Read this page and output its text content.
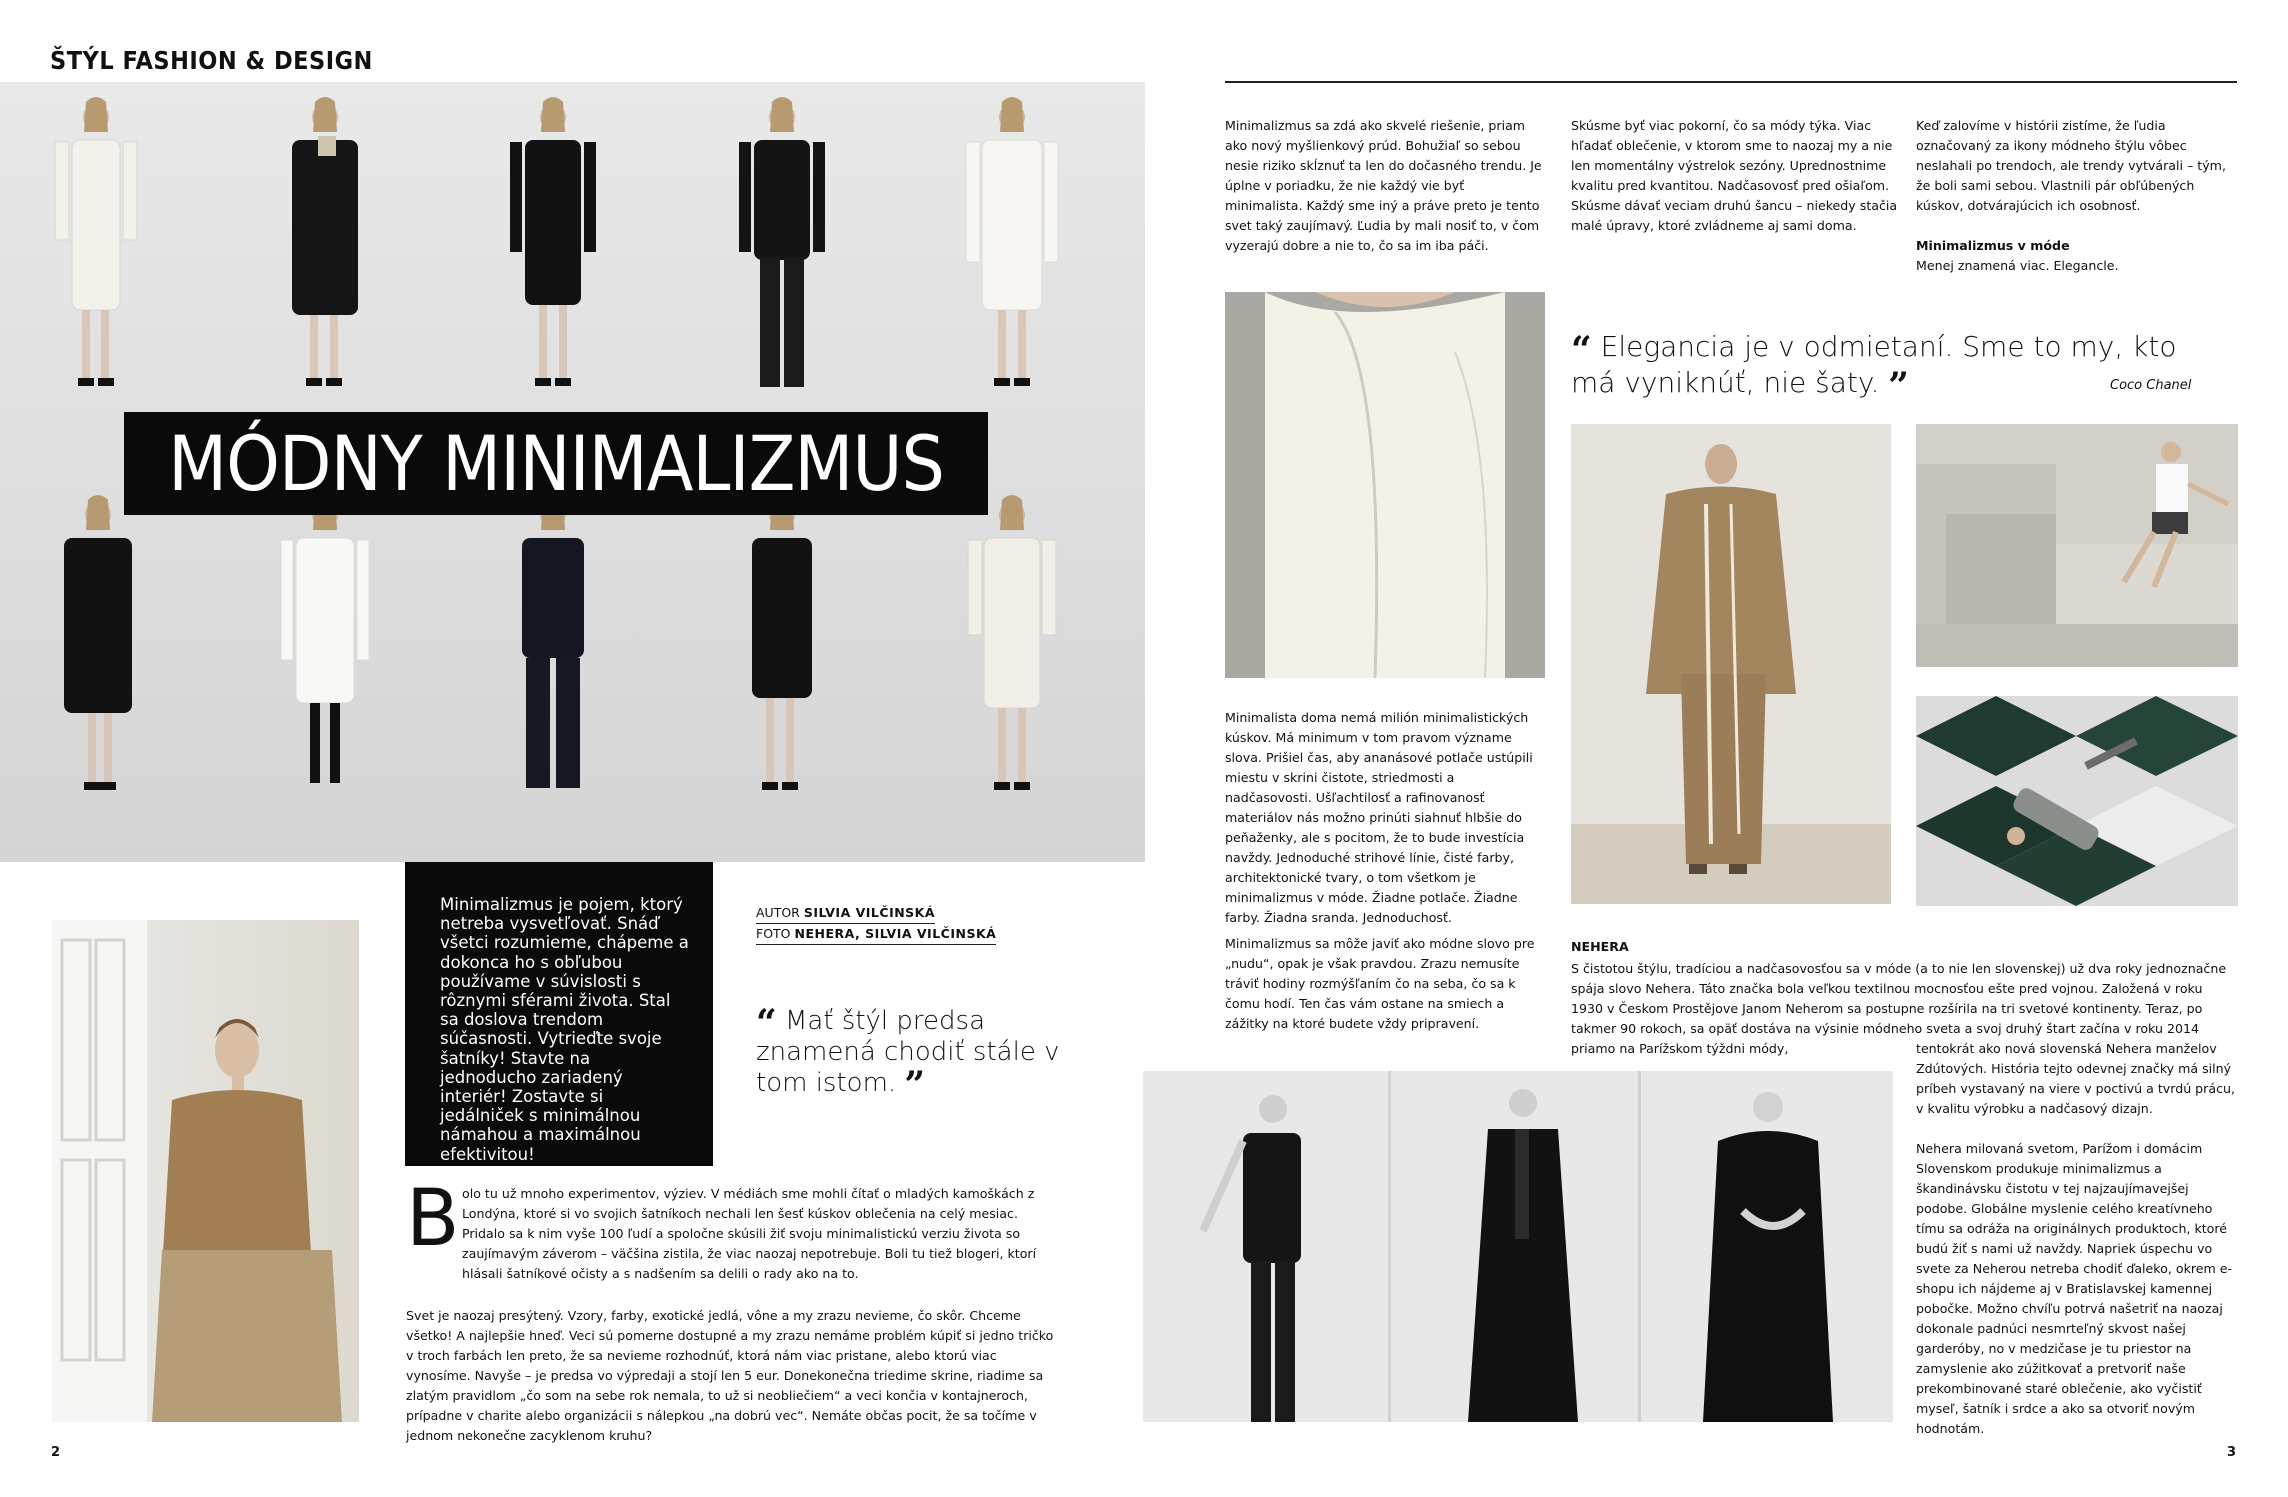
ŠTÝL FASHION & DESIGN
MÓDNY MINIMALIZMUS
Minimalizmus je pojem, ktorý netreba vysvetľovať. Snáď všetci rozumieme, chápeme a dokonca ho s obľubou používame v súvislosti s rôznymi sférami života. Stal sa doslova trendom súčasnosti. Vytrieďte svoje šatníky! Stavte na jednoducho zariadený interiér! Zostavte si jedálniček s minimálnou námahou a maximálnou efektivitou!
AUTOR SILVIA VILČINSKÁ
FOTO NEHERA, SILVIA VILČINSKÁ
“ Mať štýl predsa znamená chodiť stále v tom istom. ”
B olo tu už mnoho experimentov, výziev. V médiách sme mohli čítať o mladých kamoškách z Londýna, ktoré si vo svojich šatníkoch nechali len šesť kúskov oblečenia na celý mesiac. Pridalo sa k nim vyše 100 ľudí a spoločne skúsili žiť svoju minimalistickú verziu života so zaujímavým záverom – väčšina zistila, že viac naozaj nepotrebuje. Boli tu tiež blogeri, ktorí hlásali šatníkové očisty a s nadšením sa delili o rady ako na to.
Svet je naozaj presýtený. Vzory, farby, exotické jedlá, vône a my zrazu nevieme, čo skôr. Chceme všetko! A najlepšie hneď. Veci sú pomerne dostupné a my zrazu nemáme problém kúpiť si jedno tričko v troch farbách len preto, že sa nevieme rozhodnúť, ktorá nám viac pristane, alebo ktorú viac vynosíme. Navyše – je predsa vo výpredaji a stojí len 5 eur. Donekonečna triedime skrine, riadime sa zlatým pravidlom „čo som na sebe rok nemala, to už si neobliečiem“ a veci končia v kontajneroch, prípadne v charite alebo organizácii s nálepkou „na dobrú vec“. Nemáte občas pocit, že sa točíme v jednom nekonečne zacyklenom kruhu?
Minimalizmus sa zdá ako skvelé riešenie, priam ako nový myšlienkový prúd. Bohužiaľ so sebou nesie riziko skĺznuť ta len do dočasného trendu. Je úplne v poriadku, že nie každý vie byť minimalista. Každý sme iný a práve preto je tento svet taký zaujímavý. Ľudia by mali nosiť to, v čom vyzerajú dobre a nie to, čo sa im iba páči.
Skúsme byť viac pokorní, čo sa módy týka. Viac hľadať oblečenie, v ktorom sme to naozaj my a nie len momentálny výstrelok sezóny. Uprednostnime kvalitu pred kvantitou. Nadčasovosť pred ošiaľom. Skúsme dávať veciam druhú šancu – niekedy stačia malé úpravy, ktoré zvládneme aj sami doma.
Keď zalovíme v histórii zistíme, že ľudia označovaný za ikony módneho štýlu vôbec neslahali po trendoch, ale trendy vytvárali – tým, že boli sami sebou. Vlastnili pár obľúbených kúskov, dotvárajúcich ich osobnosť.
Minimalizmus v móde
Menej znamená viac. Elegancle.
“ Elegancia je v odmietaní. Sme to my, kto má vyniknúť, nie šaty. ”	Coco Chanel
Minimalista doma nemá milión minimalistických kúskov. Má minimum v tom pravom význame slova. Prišiel čas, aby ananásové potlače ustúpili miestu v skrini čistote, striedmosti a nadčasovosti. Ušľachtilosť a rafinovanosť materiálov nás možno prinúti siahnuť hlbšie do peňaženky, ale s pocitom, že to bude investícia navždy. Jednoduché strihové línie, čisté farby, architektonické tvary, o tom všetkom je minimalizmus v móde. Žiadne potlače. Žiadne farby. Žiadna sranda. Jednoduchosť.
Minimalizmus sa môže javiť ako módne slovo pre „nudu“, opak je však pravdou. Zrazu nemusíte tráviť hodiny rozmýšľaním čo na seba, čo sa k čomu hodí. Ten čas vám ostane na smiech a zážitky na ktoré budete vždy pripravení.
NEHERA
S čistotou štýlu, tradíciou a nadčasovosťou sa v móde (a to nie len slovenskej) už dva roky jednoznačne spája slovo Nehera. Táto značka bola veľkou textilnou mocnosťou ešte pred vojnou. Založená v roku 1930 v Českom Prostějove Janom Neherom sa postupne rozšírila na tri svetové kontinenty. Teraz, po takmer 90 rokoch, sa opäť dostáva na výsinie módneho sveta a svoj druhý štart začína v roku 2014 priamo na Parížskom týždni módy,	tentokrát ako nová slovenská Nehera manželov Zdútových. História tejto odevnej značky má silný príbeh vystavaný na viere v poctivú a tvrdú prácu, v kvalitu výrobku a nadčasový dizajn.
Nehera milovaná svetom, Parížom i domácim Slovenskom produkuje minimalizmus a škandinávsku čistotu v tej najzaujímavejšej podobe. Globálne myslenie celého kreatívneho tímu sa odráža na originálnych produktoch, ktoré budú žiť s nami už navždy. Napriek úspechu vo svete za Neherou netreba chodiť ďaleko, okrem e-shopu ich nájdeme aj v Bratislavskej kamennej pobočke. Možno chvíľu potrvá našetriť na naozaj dokonale padnúci nesmrteľný skvost našej garderóby, no v medzičase je tu priestor na zamyslenie ako zúžitkovať a pretvoriť naše prekombinované staré oblečenie, ako vyčistiť myseľ, šatník i srdce a ako sa otvoriť novým hodnotám.
2	3
